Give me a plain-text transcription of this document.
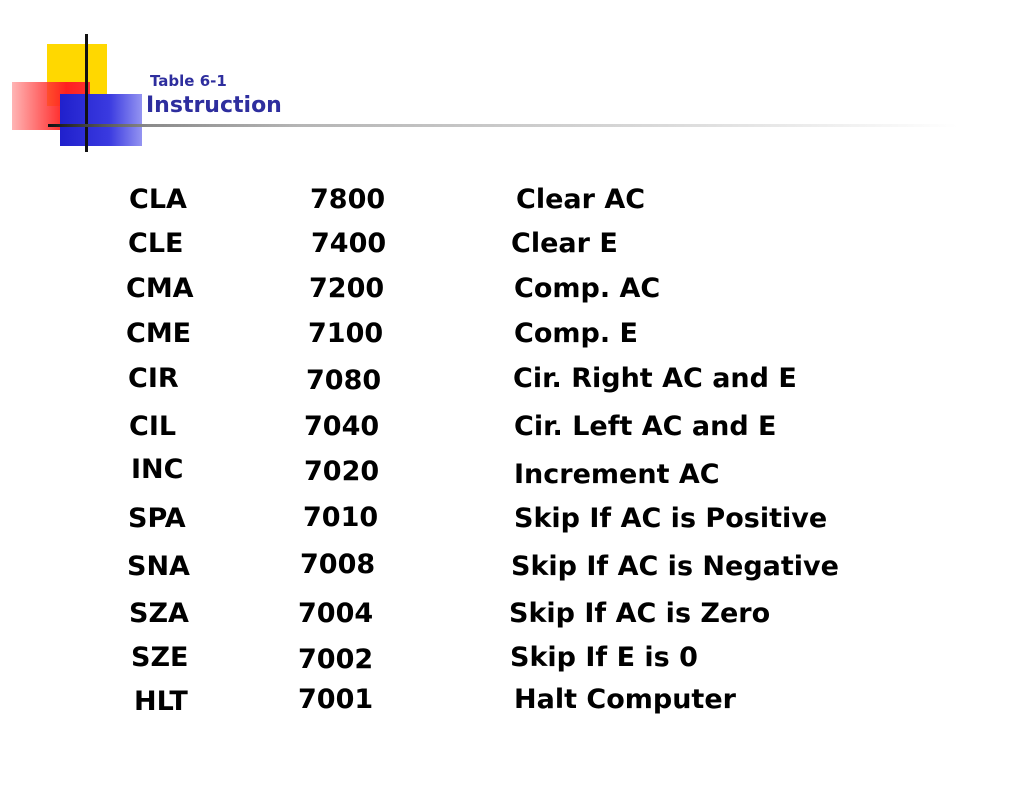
Table 6-1
Instruction
CLA	7800	Clear AC
CLE	7400	Clear E
CMA	7200	Comp. AC
CME	7100	Comp. E
CIR	7080	Cir. Right AC and E
CIL	7040	Cir. Left AC and E
INC	7020	Increment AC
SPA	7010	Skip If AC is Positive
SNA	7008	Skip If AC is Negative
SZA	7004	Skip If AC is Zero
SZE	7002	Skip If E is 0
HLT	7001	Halt Computer
